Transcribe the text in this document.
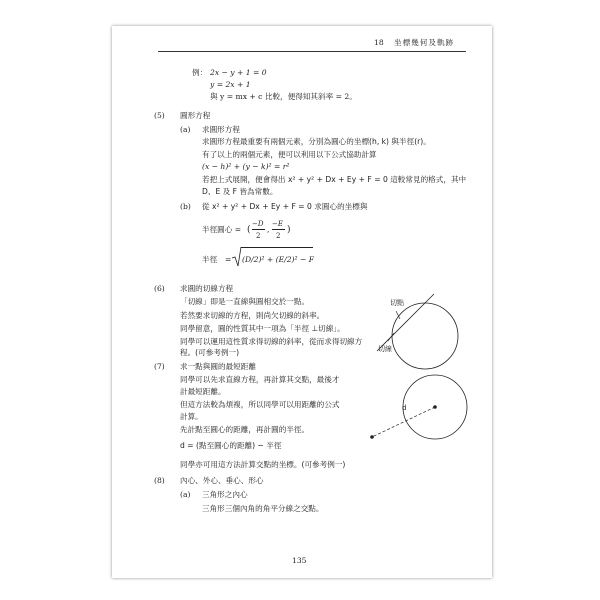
18 坐標幾何及軌跡
例： 2x − y + 1 = 0
y = 2x + 1
與 y = mx + c 比較，便得知其斜率 = 2。
(5) 圓形方程
(a) 求圓形方程
求圓形方程最重要有兩個元素，分別為圓心的坐標(h, k) 與半徑(r)。
有了以上的兩個元素，便可以利用以下公式協助計算
(x − h)² + (y − k)² = r²
若把上式展開，便會得出 x² + y² + Dx + Ey + F = 0 這較常見的格式，其中
D、E 及 F 皆為常數。
(b) 從 x² + y² + Dx + Ey + F = 0 求圓心的坐標與
半徑圓心 = (
−D
2
,
−E
2
)
半徑 = (D/2)² + (E/2)² − F
(6) 求圓的切線方程
「切線」即是一直線與圓相交於一點。
若然要求切線的方程，則尚欠切線的斜率。
同學留意，圓的性質其中一項為「半徑 ⊥切線」。
同學可以運用這性質求得切線的斜率，從而求得切線方
程。(可參考例一)
切點
切線
(7) 求一點與圓的最短距離
同學可以先求直線方程，再計算其交點，最後才
計最短距離。
但這方法較為煩複，所以同學可以用距離的公式
計算。
先計點至圓心的距離，再計圓的半徑。
d = (點至圓心的距離) − 半徑
同學亦可用這方法計算交點的坐標。(可參考例一)
d
(8) 內心、外心、垂心、形心
(a) 三角形之內心
三角形三個內角的角平分線之交點。
135
